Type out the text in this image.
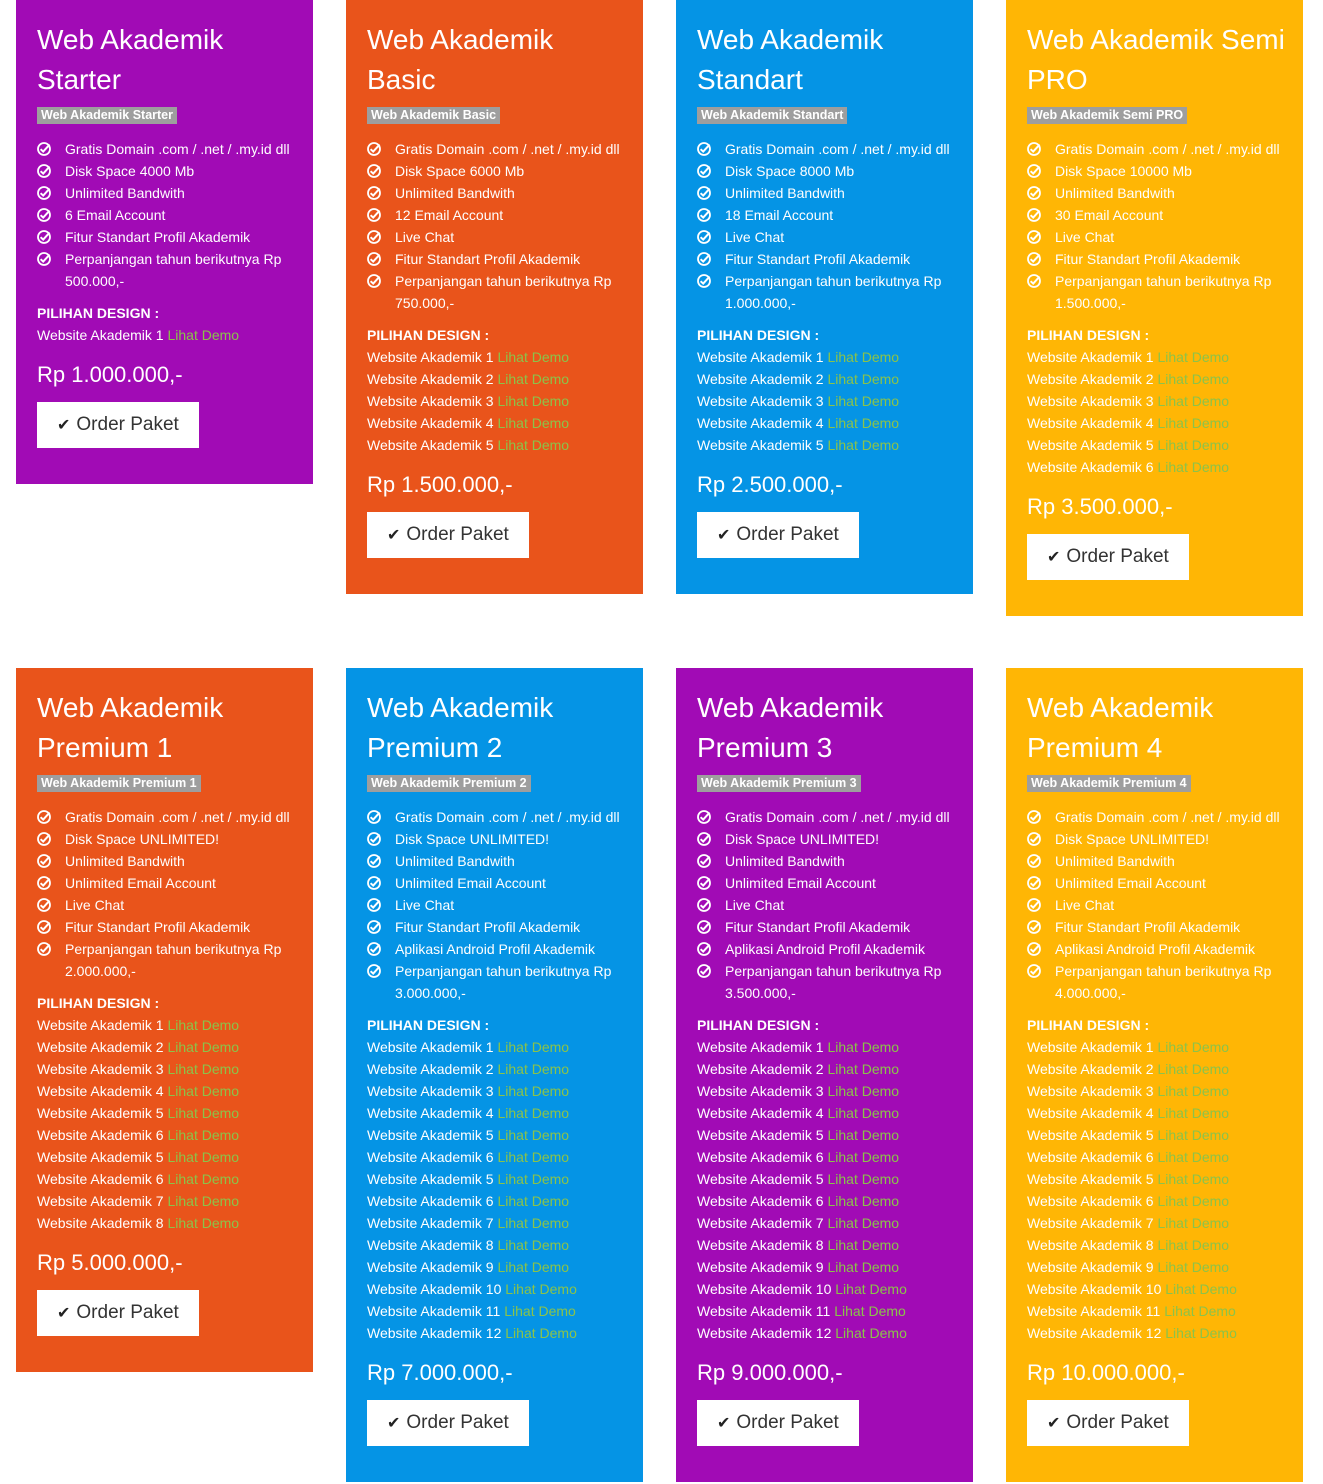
Web Akademik Starter
Web Akademik Starter
Gratis Domain .com / .net / .my.id dll
Disk Space 4000 Mb
Unlimited Bandwith
6 Email Account
Fitur Standart Profil Akademik
Perpanjangan tahun berikutnya Rp 500.000,-
PILIHAN DESIGN :
Website Akademik 1 Lihat Demo
Rp 1.000.000,-
✔ Order Paket
Web Akademik Basic
Web Akademik Basic
Gratis Domain .com / .net / .my.id dll
Disk Space 6000 Mb
Unlimited Bandwith
12 Email Account
Live Chat
Fitur Standart Profil Akademik
Perpanjangan tahun berikutnya Rp 750.000,-
PILIHAN DESIGN :
Website Akademik 1 Lihat Demo
Website Akademik 2 Lihat Demo
Website Akademik 3 Lihat Demo
Website Akademik 4 Lihat Demo
Website Akademik 5 Lihat Demo
Rp 1.500.000,-
✔ Order Paket
Web Akademik Standart
Web Akademik Standart
Gratis Domain .com / .net / .my.id dll
Disk Space 8000 Mb
Unlimited Bandwith
18 Email Account
Live Chat
Fitur Standart Profil Akademik
Perpanjangan tahun berikutnya Rp 1.000.000,-
PILIHAN DESIGN :
Website Akademik 1 Lihat Demo
Website Akademik 2 Lihat Demo
Website Akademik 3 Lihat Demo
Website Akademik 4 Lihat Demo
Website Akademik 5 Lihat Demo
Rp 2.500.000,-
✔ Order Paket
Web Akademik Semi PRO
Web Akademik Semi PRO
Gratis Domain .com / .net / .my.id dll
Disk Space 10000 Mb
Unlimited Bandwith
30 Email Account
Live Chat
Fitur Standart Profil Akademik
Perpanjangan tahun berikutnya Rp 1.500.000,-
PILIHAN DESIGN :
Website Akademik 1 Lihat Demo
Website Akademik 2 Lihat Demo
Website Akademik 3 Lihat Demo
Website Akademik 4 Lihat Demo
Website Akademik 5 Lihat Demo
Website Akademik 6 Lihat Demo
Rp 3.500.000,-
✔ Order Paket
Web Akademik Premium 1
Web Akademik Premium 1
Gratis Domain .com / .net / .my.id dll
Disk Space UNLIMITED!
Unlimited Bandwith
Unlimited Email Account
Live Chat
Fitur Standart Profil Akademik
Perpanjangan tahun berikutnya Rp 2.000.000,-
PILIHAN DESIGN :
Website Akademik 1 Lihat Demo
Website Akademik 2 Lihat Demo
Website Akademik 3 Lihat Demo
Website Akademik 4 Lihat Demo
Website Akademik 5 Lihat Demo
Website Akademik 6 Lihat Demo
Website Akademik 5 Lihat Demo
Website Akademik 6 Lihat Demo
Website Akademik 7 Lihat Demo
Website Akademik 8 Lihat Demo
Rp 5.000.000,-
✔ Order Paket
Web Akademik Premium 2
Web Akademik Premium 2
Gratis Domain .com / .net / .my.id dll
Disk Space UNLIMITED!
Unlimited Bandwith
Unlimited Email Account
Live Chat
Fitur Standart Profil Akademik
Aplikasi Android Profil Akademik
Perpanjangan tahun berikutnya Rp 3.000.000,-
PILIHAN DESIGN :
Website Akademik 1 Lihat Demo
Website Akademik 2 Lihat Demo
Website Akademik 3 Lihat Demo
Website Akademik 4 Lihat Demo
Website Akademik 5 Lihat Demo
Website Akademik 6 Lihat Demo
Website Akademik 5 Lihat Demo
Website Akademik 6 Lihat Demo
Website Akademik 7 Lihat Demo
Website Akademik 8 Lihat Demo
Website Akademik 9 Lihat Demo
Website Akademik 10 Lihat Demo
Website Akademik 11 Lihat Demo
Website Akademik 12 Lihat Demo
Rp 7.000.000,-
✔ Order Paket
Web Akademik Premium 3
Web Akademik Premium 3
Gratis Domain .com / .net / .my.id dll
Disk Space UNLIMITED!
Unlimited Bandwith
Unlimited Email Account
Live Chat
Fitur Standart Profil Akademik
Aplikasi Android Profil Akademik
Perpanjangan tahun berikutnya Rp 3.500.000,-
PILIHAN DESIGN :
Website Akademik 1 Lihat Demo
Website Akademik 2 Lihat Demo
Website Akademik 3 Lihat Demo
Website Akademik 4 Lihat Demo
Website Akademik 5 Lihat Demo
Website Akademik 6 Lihat Demo
Website Akademik 5 Lihat Demo
Website Akademik 6 Lihat Demo
Website Akademik 7 Lihat Demo
Website Akademik 8 Lihat Demo
Website Akademik 9 Lihat Demo
Website Akademik 10 Lihat Demo
Website Akademik 11 Lihat Demo
Website Akademik 12 Lihat Demo
Rp 9.000.000,-
✔ Order Paket
Web Akademik Premium 4
Web Akademik Premium 4
Gratis Domain .com / .net / .my.id dll
Disk Space UNLIMITED!
Unlimited Bandwith
Unlimited Email Account
Live Chat
Fitur Standart Profil Akademik
Aplikasi Android Profil Akademik
Perpanjangan tahun berikutnya Rp 4.000.000,-
PILIHAN DESIGN :
Website Akademik 1 Lihat Demo
Website Akademik 2 Lihat Demo
Website Akademik 3 Lihat Demo
Website Akademik 4 Lihat Demo
Website Akademik 5 Lihat Demo
Website Akademik 6 Lihat Demo
Website Akademik 5 Lihat Demo
Website Akademik 6 Lihat Demo
Website Akademik 7 Lihat Demo
Website Akademik 8 Lihat Demo
Website Akademik 9 Lihat Demo
Website Akademik 10 Lihat Demo
Website Akademik 11 Lihat Demo
Website Akademik 12 Lihat Demo
Rp 10.000.000,-
✔ Order Paket
